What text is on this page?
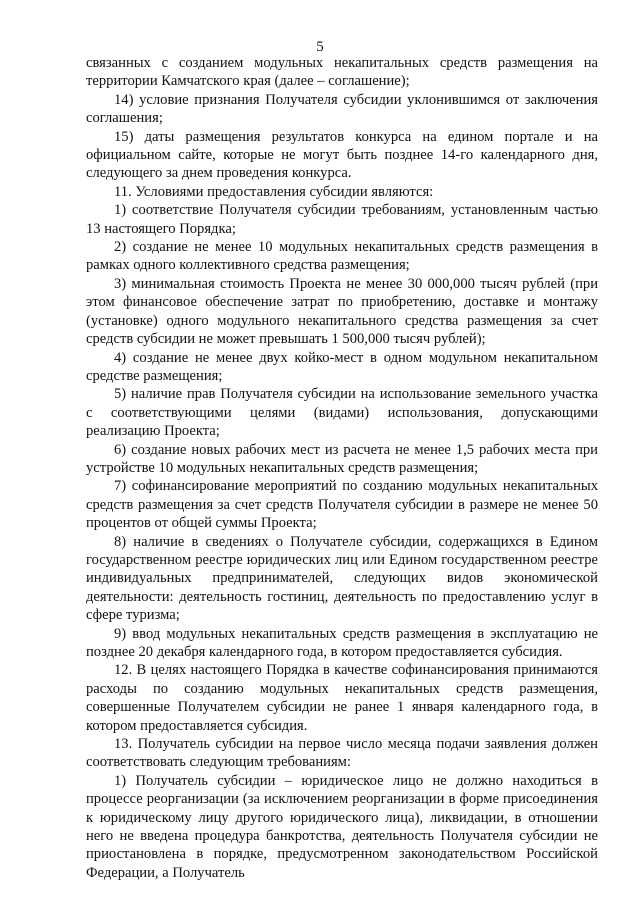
5

связанных с созданием модульных некапитальных средств размещения на территории Камчатского края (далее – соглашение);

14) условие признания Получателя субсидии уклонившимся от заключения соглашения;

15) даты размещения результатов конкурса на едином портале и на официальном сайте, которые не могут быть позднее 14-го календарного дня, следующего за днем проведения конкурса.

11. Условиями предоставления субсидии являются:

1) соответствие Получателя субсидии требованиям, установленным частью 13 настоящего Порядка;

2) создание не менее 10 модульных некапитальных средств размещения в рамках одного коллективного средства размещения;

3) минимальная стоимость Проекта не менее 30 000,000 тысяч рублей (при этом финансовое обеспечение затрат по приобретению, доставке и монтажу (установке) одного модульного некапитального средства размещения за счет средств субсидии не может превышать 1 500,000 тысяч рублей);

4) создание не менее двух койко-мест в одном модульном некапитальном средстве размещения;

5) наличие прав Получателя субсидии на использование земельного участка с соответствующими целями (видами) использования, допускающими реализацию Проекта;

6) создание новых рабочих мест из расчета не менее 1,5 рабочих места при устройстве 10 модульных некапитальных средств размещения;

7) софинансирование мероприятий по созданию модульных некапитальных средств размещения за счет средств Получателя субсидии в размере не менее 50 процентов от общей суммы Проекта;

8) наличие в сведениях о Получателе субсидии, содержащихся в Едином государственном реестре юридических лиц или Едином государственном реестре индивидуальных предпринимателей, следующих видов экономической деятельности: деятельность гостиниц, деятельность по предоставлению услуг в сфере туризма;

9) ввод модульных некапитальных средств размещения в эксплуатацию не позднее 20 декабря календарного года, в котором предоставляется субсидия.

12. В целях настоящего Порядка в качестве софинансирования принимаются расходы по созданию модульных некапитальных средств размещения, совершенные Получателем субсидии не ранее 1 января календарного года, в котором предоставляется субсидия.

13. Получатель субсидии на первое число месяца подачи заявления должен соответствовать следующим требованиям:

1) Получатель субсидии – юридическое лицо не должно находиться в процессе реорганизации (за исключением реорганизации в форме присоединения к юридическому лицу другого юридического лица), ликвидации, в отношении него не введена процедура банкротства, деятельность Получателя субсидии не приостановлена в порядке, предусмотренном законодательством Российской Федерации, а Получатель
